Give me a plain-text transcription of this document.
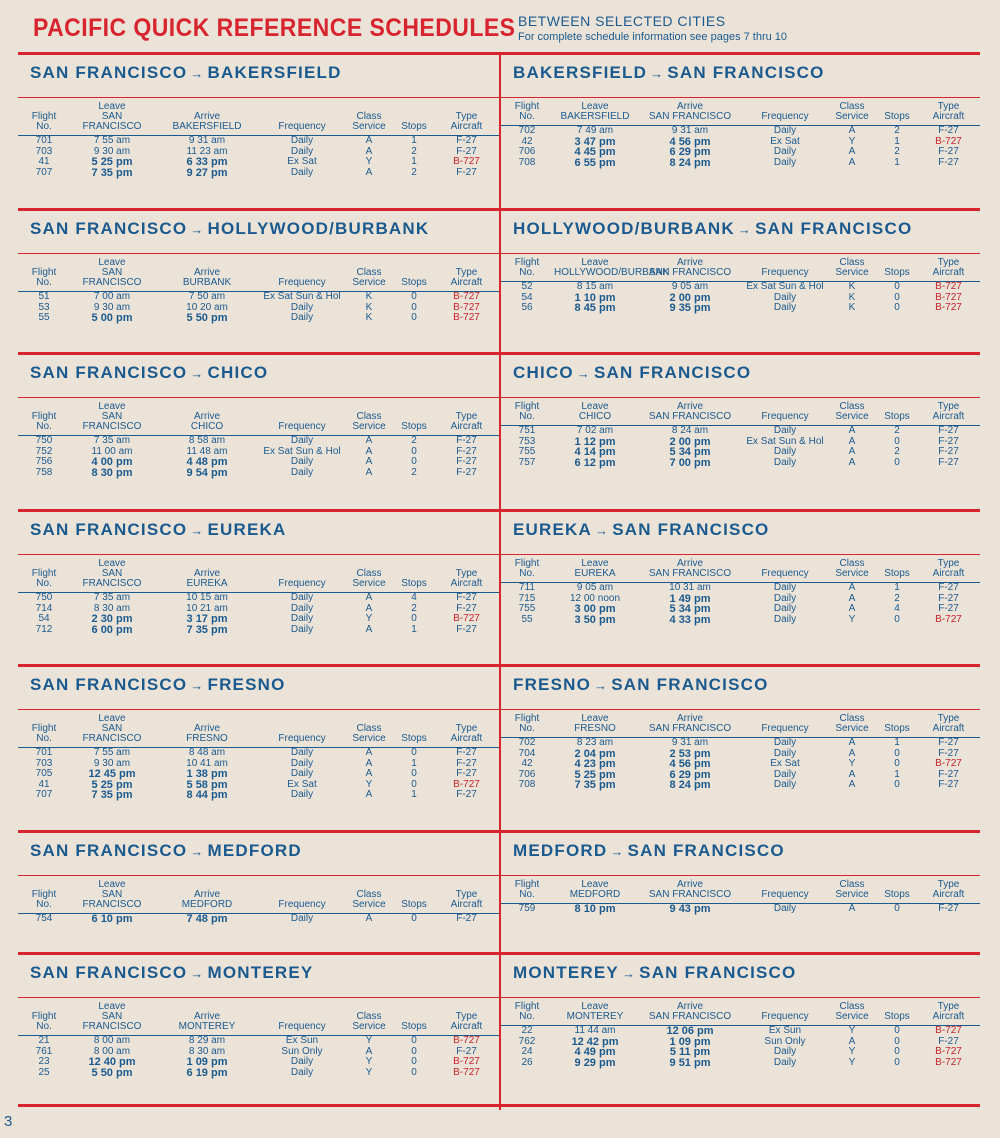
PACIFIC QUICK REFERENCE SCHEDULES BETWEEN SELECTED CITIES
For complete schedule information see pages 7 thru 10
SAN FRANCISCO → BAKERSFIELD
Flight
No.	Leave
SAN FRANCISCO	Arrive
BAKERSFIELD	Frequency	Class
Service	Stops	Type
Aircraft
701	7 55 am	9 31 am	Daily	A	1	F-27
703	9 30 am	11 23 am	Daily	A	2	F-27
41	5 25 pm	6 33 pm	Ex Sat	Y	1	B-727
707	7 35 pm	9 27 pm	Daily	A	2	F-27
SAN FRANCISCO → HOLLYWOOD/BURBANK
Flight
No.	Leave
SAN FRANCISCO	Arrive
BURBANK	Frequency	Class
Service	Stops	Type
Aircraft
51	7 00 am	7 50 am	Ex Sat Sun & Hol	K	0	B-727
53	9 30 am	10 20 am	Daily	K	0	B-727
55	5 00 pm	5 50 pm	Daily	K	0	B-727
SAN FRANCISCO → CHICO
Flight
No.	Leave
SAN FRANCISCO	Arrive
CHICO	Frequency	Class
Service	Stops	Type
Aircraft
750	7 35 am	8 58 am	Daily	A	2	F-27
752	11 00 am	11 48 am	Ex Sat Sun & Hol	A	0	F-27
756	4 00 pm	4 48 pm	Daily	A	0	F-27
758	8 30 pm	9 54 pm	Daily	A	2	F-27
SAN FRANCISCO → EUREKA
Flight
No.	Leave
SAN FRANCISCO	Arrive
EUREKA	Frequency	Class
Service	Stops	Type
Aircraft
750	7 35 am	10 15 am	Daily	A	4	F-27
714	8 30 am	10 21 am	Daily	A	2	F-27
54	2 30 pm	3 17 pm	Daily	Y	0	B-727
712	6 00 pm	7 35 pm	Daily	A	1	F-27
SAN FRANCISCO → FRESNO
Flight
No.	Leave
SAN FRANCISCO	Arrive
FRESNO	Frequency	Class
Service	Stops	Type
Aircraft
701	7 55 am	8 48 am	Daily	A	0	F-27
703	9 30 am	10 41 am	Daily	A	1	F-27
705	12 45 pm	1 38 pm	Daily	A	0	F-27
41	5 25 pm	5 58 pm	Ex Sat	Y	0	B-727
707	7 35 pm	8 44 pm	Daily	A	1	F-27
SAN FRANCISCO → MEDFORD
Flight
No.	Leave
SAN FRANCISCO	Arrive
MEDFORD	Frequency	Class
Service	Stops	Type
Aircraft
754	6 10 pm	7 48 pm	Daily	A	0	F-27
SAN FRANCISCO → MONTEREY
Flight
No.	Leave
SAN FRANCISCO	Arrive
MONTEREY	Frequency	Class
Service	Stops	Type
Aircraft
21	8 00 am	8 29 am	Ex Sun	Y	0	B-727
761	8 00 am	8 30 am	Sun Only	A	0	F-27
23	12 40 pm	1 09 pm	Daily	Y	0	B-727
25	5 50 pm	6 19 pm	Daily	Y	0	B-727
BAKERSFIELD → SAN FRANCISCO
Flight
No.	Leave
BAKERSFIELD	Arrive
SAN FRANCISCO	Frequency	Class
Service	Stops	Type
Aircraft
702	7 49 am	9 31 am	Daily	A	2	F-27
42	3 47 pm	4 56 pm	Ex Sat	Y	1	B-727
706	4 45 pm	6 29 pm	Daily	A	2	F-27
708	6 55 pm	8 24 pm	Daily	A	1	F-27
HOLLYWOOD/BURBANK → SAN FRANCISCO
Flight
No.	Leave
HOLLYWOOD/BURBANK	Arrive
SAN FRANCISCO	Frequency	Class
Service	Stops	Type
Aircraft
52	8 15 am	9 05 am	Ex Sat Sun & Hol	K	0	B-727
54	1 10 pm	2 00 pm	Daily	K	0	B-727
56	8 45 pm	9 35 pm	Daily	K	0	B-727
CHICO → SAN FRANCISCO
Flight
No.	Leave
CHICO	Arrive
SAN FRANCISCO	Frequency	Class
Service	Stops	Type
Aircraft
751	7 02 am	8 24 am	Daily	A	2	F-27
753	1 12 pm	2 00 pm	Ex Sat Sun & Hol	A	0	F-27
755	4 14 pm	5 34 pm	Daily	A	2	F-27
757	6 12 pm	7 00 pm	Daily	A	0	F-27
EUREKA → SAN FRANCISCO
Flight
No.	Leave
EUREKA	Arrive
SAN FRANCISCO	Frequency	Class
Service	Stops	Type
Aircraft
711	9 05 am	10 31 am	Daily	A	1	F-27
715	12 00 noon	1 49 pm	Daily	A	2	F-27
755	3 00 pm	5 34 pm	Daily	A	4	F-27
55	3 50 pm	4 33 pm	Daily	Y	0	B-727
FRESNO → SAN FRANCISCO
Flight
No.	Leave
FRESNO	Arrive
SAN FRANCISCO	Frequency	Class
Service	Stops	Type
Aircraft
702	8 23 am	9 31 am	Daily	A	1	F-27
704	2 04 pm	2 53 pm	Daily	A	0	F-27
42	4 23 pm	4 56 pm	Ex Sat	Y	0	B-727
706	5 25 pm	6 29 pm	Daily	A	1	F-27
708	7 35 pm	8 24 pm	Daily	A	0	F-27
MEDFORD → SAN FRANCISCO
Flight
No.	Leave
MEDFORD	Arrive
SAN FRANCISCO	Frequency	Class
Service	Stops	Type
Aircraft
759	8 10 pm	9 43 pm	Daily	A	0	F-27
MONTEREY → SAN FRANCISCO
Flight
No.	Leave
MONTEREY	Arrive
SAN FRANCISCO	Frequency	Class
Service	Stops	Type
Aircraft
22	11 44 am	12 06 pm	Ex Sun	Y	0	B-727
762	12 42 pm	1 09 pm	Sun Only	A	0	F-27
24	4 49 pm	5 11 pm	Daily	Y	0	B-727
26	9 29 pm	9 51 pm	Daily	Y	0	B-727
3
